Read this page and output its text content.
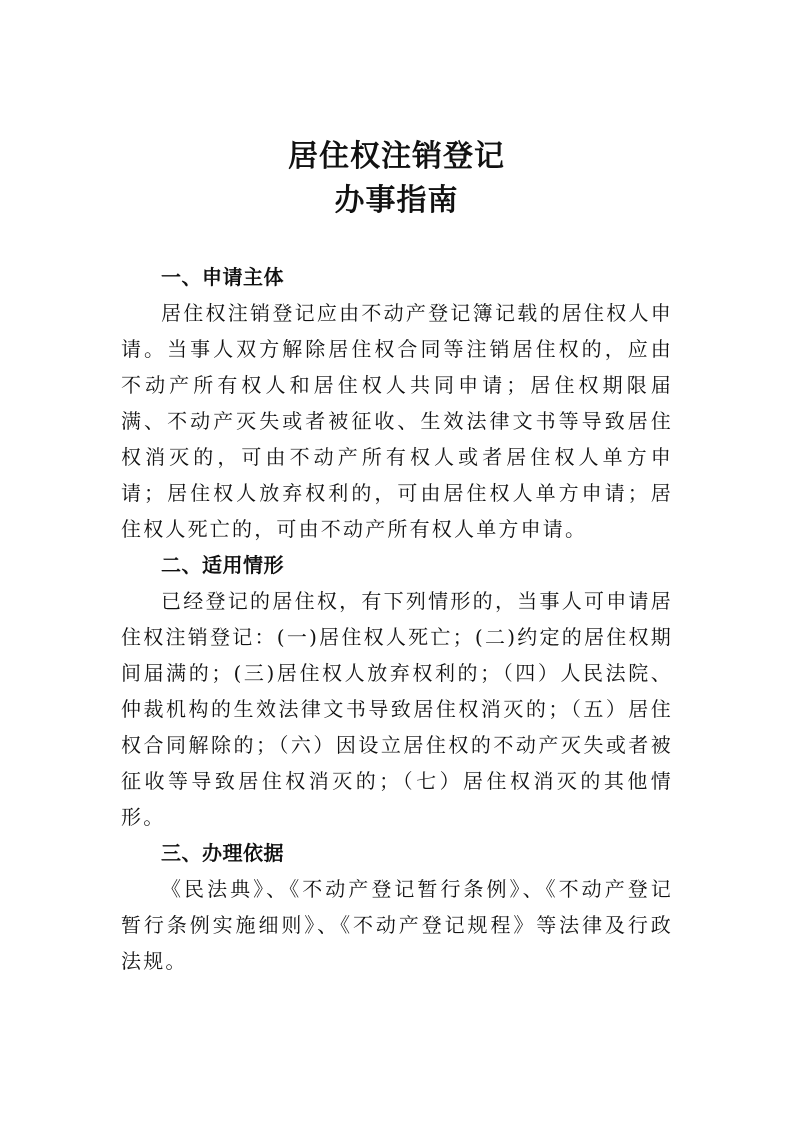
居住权注销登记

办事指南

一、申请主体

居住权注销登记应由不动产登记簿记载的居住权人申请。当事人双方解除居住权合同等注销居住权的，应由不动产所有权人和居住权人共同申请；居住权期限届满、不动产灭失或者被征收、生效法律文书等导致居住权消灭的，可由不动产所有权人或者居住权人单方申请；居住权人放弃权利的，可由居住权人单方申请；居住权人死亡的，可由不动产所有权人单方申请。

二、适用情形

已经登记的居住权，有下列情形的，当事人可申请居住权注销登记：(一)居住权人死亡；(二)约定的居住权期间届满的；(三)居住权人放弃权利的；（四）人民法院、仲裁机构的生效法律文书导致居住权消灭的；（五）居住权合同解除的；（六）因设立居住权的不动产灭失或者被征收等导致居住权消灭的；（七）居住权消灭的其他情形。

三、办理依据

《民法典》、《不动产登记暂行条例》、《不动产登记暂行条例实施细则》、《不动产登记规程》等法律及行政法规。
